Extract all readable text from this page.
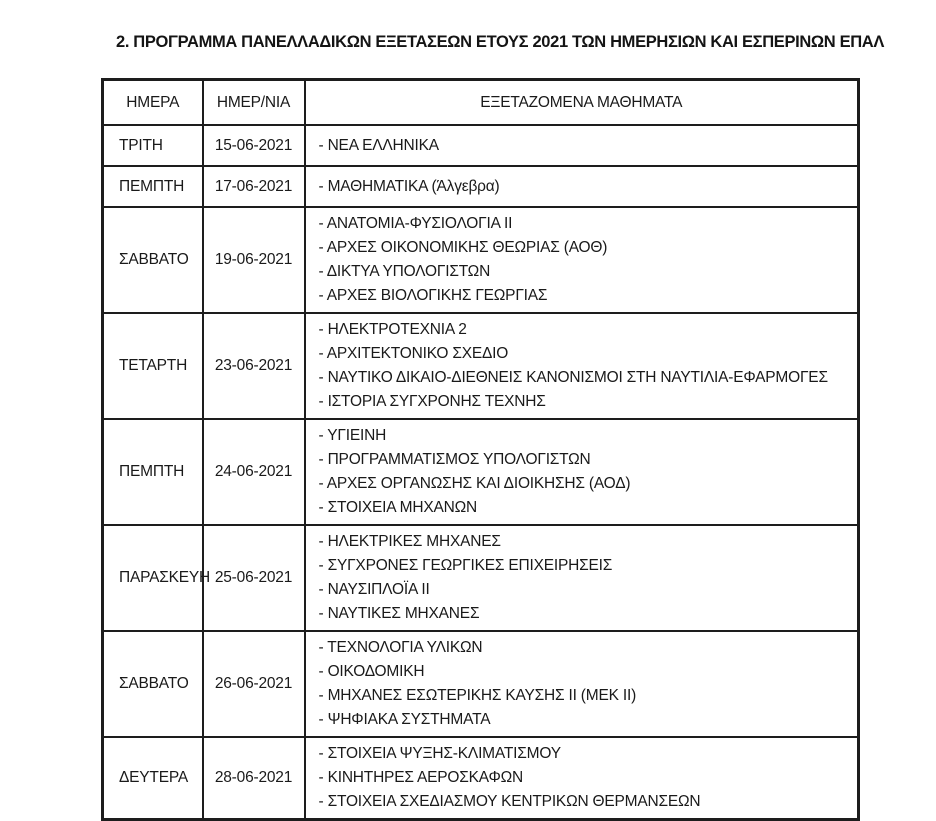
2. ΠΡΟΓΡΑΜΜΑ ΠΑΝΕΛΛΑΔΙΚΩΝ ΕΞΕΤΑΣΕΩΝ ΕΤΟΥΣ 2021 ΤΩΝ ΗΜΕΡΗΣΙΩΝ ΚΑΙ ΕΣΠΕΡΙΝΩΝ ΕΠΑΛ
ΗΜΕΡΑ	ΗΜΕΡ/ΝΙΑ	ΕΞΕΤΑΖΟΜΕΝΑ ΜΑΘΗΜΑΤΑ
ΤΡΙΤΗ	15-06-2021	- ΝΕΑ ΕΛΛΗΝΙΚΑ

ΠΕΜΠΤΗ	17-06-2021	- ΜΑΘΗΜΑΤΙΚΑ (Άλγεβρα)

ΣΑΒΒΑΤΟ	19-06-2021	- ΑΝΑΤΟΜΙΑ-ΦΥΣΙΟΛΟΓΙΑ II
- ΑΡΧΕΣ ΟΙΚΟΝΟΜΙΚΗΣ ΘΕΩΡΙΑΣ (ΑΟΘ)
- ΔΙΚΤΥΑ ΥΠΟΛΟΓΙΣΤΩΝ
- ΑΡΧΕΣ ΒΙΟΛΟΓΙΚΗΣ ΓΕΩΡΓΙΑΣ

ΤΕΤΑΡΤΗ	23-06-2021	- ΗΛΕΚΤΡΟΤΕΧΝΙΑ 2
- ΑΡΧΙΤΕΚΤΟΝΙΚΟ ΣΧΕΔΙΟ
- ΝΑΥΤΙΚΟ ΔΙΚΑΙΟ-ΔΙΕΘΝΕΙΣ ΚΑΝΟΝΙΣΜΟΙ ΣΤΗ ΝΑΥΤΙΛΙΑ-ΕΦΑΡΜΟΓΕΣ
- ΙΣΤΟΡΙΑ ΣΥΓΧΡΟΝΗΣ ΤΕΧΝΗΣ

ΠΕΜΠΤΗ	24-06-2021	- ΥΓΙΕΙΝΗ
- ΠΡΟΓΡΑΜΜΑΤΙΣΜΟΣ ΥΠΟΛΟΓΙΣΤΩΝ
- ΑΡΧΕΣ ΟΡΓΑΝΩΣΗΣ ΚΑΙ ΔΙΟΙΚΗΣΗΣ (ΑΟΔ)
- ΣΤΟΙΧΕΙΑ ΜΗΧΑΝΩΝ

ΠΑΡΑΣΚΕΥΗ	25-06-2021	- ΗΛΕΚΤΡΙΚΕΣ ΜΗΧΑΝΕΣ
- ΣΥΓΧΡΟΝΕΣ ΓΕΩΡΓΙΚΕΣ ΕΠΙΧΕΙΡΗΣΕΙΣ
- ΝΑΥΣΙΠΛΟΪΑ II
- ΝΑΥΤΙΚΕΣ ΜΗΧΑΝΕΣ

ΣΑΒΒΑΤΟ	26-06-2021	- ΤΕΧΝΟΛΟΓΙΑ ΥΛΙΚΩΝ
- ΟΙΚΟΔΟΜΙΚΗ
- ΜΗΧΑΝΕΣ ΕΣΩΤΕΡΙΚΗΣ ΚΑΥΣΗΣ II (ΜΕΚ II)
- ΨΗΦΙΑΚΑ ΣΥΣΤΗΜΑΤΑ

ΔΕΥΤΕΡΑ	28-06-2021	- ΣΤΟΙΧΕΙΑ ΨΥΞΗΣ-ΚΛΙΜΑΤΙΣΜΟΥ
- ΚΙΝΗΤΗΡΕΣ ΑΕΡΟΣΚΑΦΩΝ
- ΣΤΟΙΧΕΙΑ ΣΧΕΔΙΑΣΜΟΥ ΚΕΝΤΡΙΚΩΝ ΘΕΡΜΑΝΣΕΩΝ
